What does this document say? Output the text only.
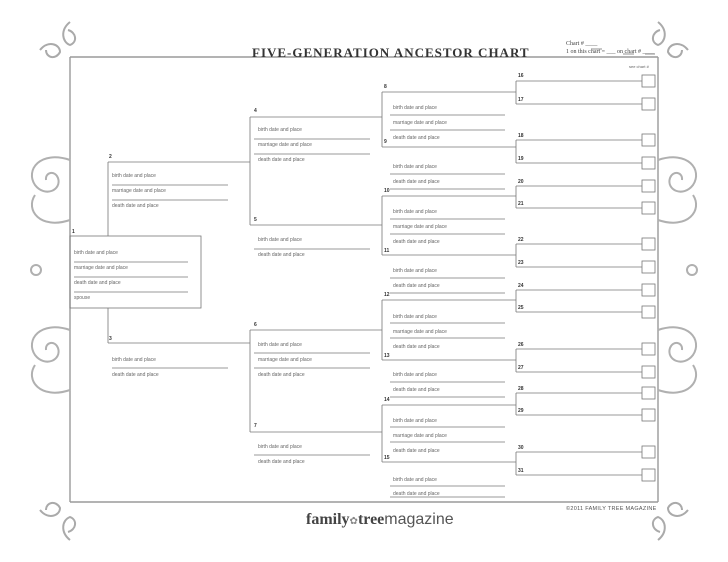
FIVE-GENERATION ANCESTOR CHART
Chart # ____
1 on this chart = ___ on chart # ____
see chart #
1
birth date and place
marriage date and place
death date and place
spouse
2
birth date and place
marriage date and place
death date and place
3
birth date and place
death date and place
4
birth date and place
marriage date and place
death date and place
5
birth date and place
death date and place
6
birth date and place
marriage date and place
death date and place
7
birth date and place
death date and place
8
birth date and place
marriage date and place
death date and place
9
birth date and place
death date and place
10
birth date and place
marriage date and place
death date and place
11
birth date and place
death date and place
12
birth date and place
marriage date and place
death date and place
13
birth date and place
death date and place
14
birth date and place
marriage date and place
death date and place
15
birth date and place
death date and place
16
17
18
19
20
21
22
23
24
25
26
27
28
29
30
31
©2011 FAMILY TREE MAGAZINE
family✿treemagazine
